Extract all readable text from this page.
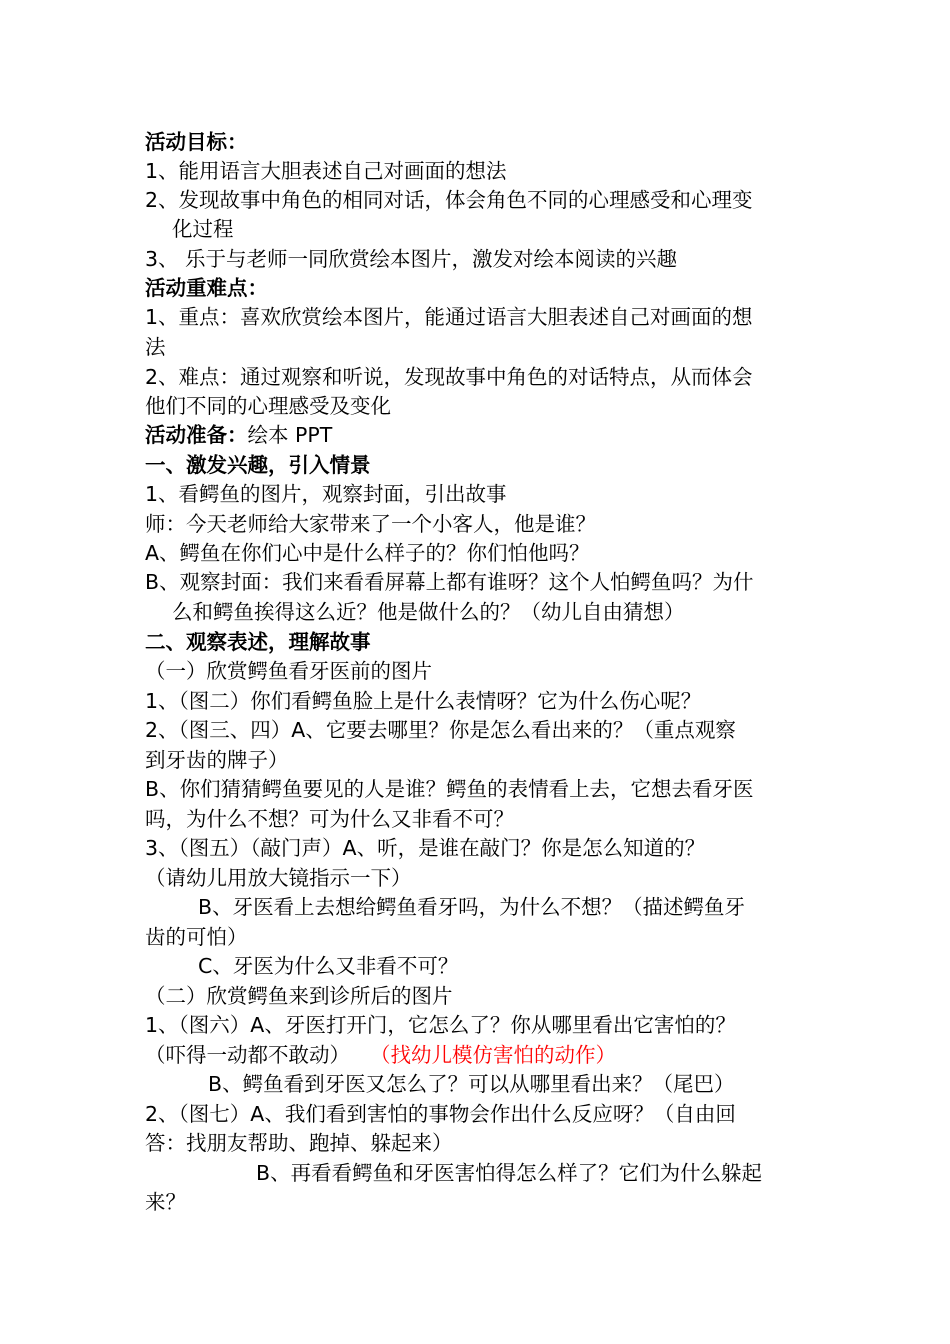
活动目标：
1、能用语言大胆表述自己对画面的想法
2、发现故事中角色的相同对话，体会角色不同的心理感受和心理变
化过程
3、 乐于与老师一同欣赏绘本图片，激发对绘本阅读的兴趣
活动重难点：
1、重点：喜欢欣赏绘本图片，能通过语言大胆表述自己对画面的想
法
2、难点：通过观察和听说，发现故事中角色的对话特点，从而体会
他们不同的心理感受及变化
活动准备：绘本 PPT
一、激发兴趣，引入情景
1、看鳄鱼的图片，观察封面，引出故事
师：今天老师给大家带来了一个小客人，他是谁？
A、鳄鱼在你们心中是什么样子的？你们怕他吗？
B、观察封面：我们来看看屏幕上都有谁呀？这个人怕鳄鱼吗？为什
么和鳄鱼挨得这么近？他是做什么的？（幼儿自由猜想）
二、观察表述，理解故事
（一）欣赏鳄鱼看牙医前的图片
1、（图二）你们看鳄鱼脸上是什么表情呀？它为什么伤心呢？
2、（图三、四）A、它要去哪里？你是怎么看出来的？（重点观察
到牙齿的牌子）
B、你们猜猜鳄鱼要见的人是谁？鳄鱼的表情看上去，它想去看牙医
吗，为什么不想？可为什么又非看不可？
3、（图五）（敲门声）A、听，是谁在敲门？你是怎么知道的？
（请幼儿用放大镜指示一下）
B、牙医看上去想给鳄鱼看牙吗，为什么不想？（描述鳄鱼牙
齿的可怕）
C、牙医为什么又非看不可？
（二）欣赏鳄鱼来到诊所后的图片
1、（图六）A、牙医打开门，它怎么了？你从哪里看出它害怕的？
（吓得一动都不敢动） （找幼儿模仿害怕的动作）
B、鳄鱼看到牙医又怎么了？可以从哪里看出来？（尾巴）
2、（图七）A、我们看到害怕的事物会作出什么反应呀？（自由回
答：找朋友帮助、跑掉、躲起来）
B、再看看鳄鱼和牙医害怕得怎么样了？它们为什么躲起
来？
